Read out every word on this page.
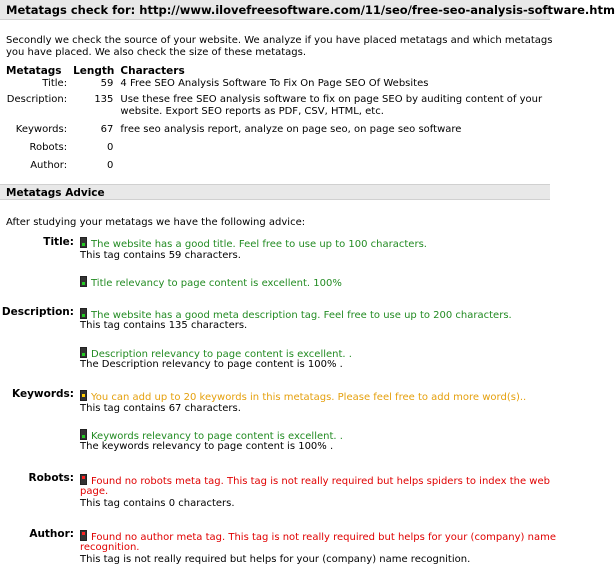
Metatags check for: http://www.ilovefreesoftware.com/11/seo/free-seo-analysis-software.htm
Secondly we check the source of your website. We analyze if you have placed metatags and which metatags
you have placed. We also check the size of these metatags.
Metatags	Length	Characters
Title:	59	4 Free SEO Analysis Software To Fix On Page SEO Of Websites
Description:	135	Use these free SEO analysis software to fix on page SEO by auditing content of your
website. Export SEO reports as PDF, CSV, HTML, etc.

Keywords:	67	free seo analysis report, analyze on page seo, on page seo software
Robots:	0	
Author:	0	
Metatags Advice
After studying your metatags we have the following advice:
Title:	The website has a good title. Feel free to use up to 100 characters.
This tag contains 59 characters.
Title relevancy to page content is excellent. 100%
Description:	The website has a good meta description tag. Feel free to use up to 200 characters.
This tag contains 135 characters.
Description relevancy to page content is excellent. .
The Description relevancy to page content is 100% .
Keywords:	You can add up to 20 keywords in this metatags. Please feel free to add more word(s)..
This tag contains 67 characters.
Keywords relevancy to page content is excellent. .
The keywords relevancy to page content is 100% .
Robots:	Found no robots meta tag. This tag is not really required but helps spiders to index the web
page.
This tag contains 0 characters.
Author:	Found no author meta tag. This tag is not really required but helps for your (company) name
recognition.
This tag is not really required but helps for your (company) name recognition.
